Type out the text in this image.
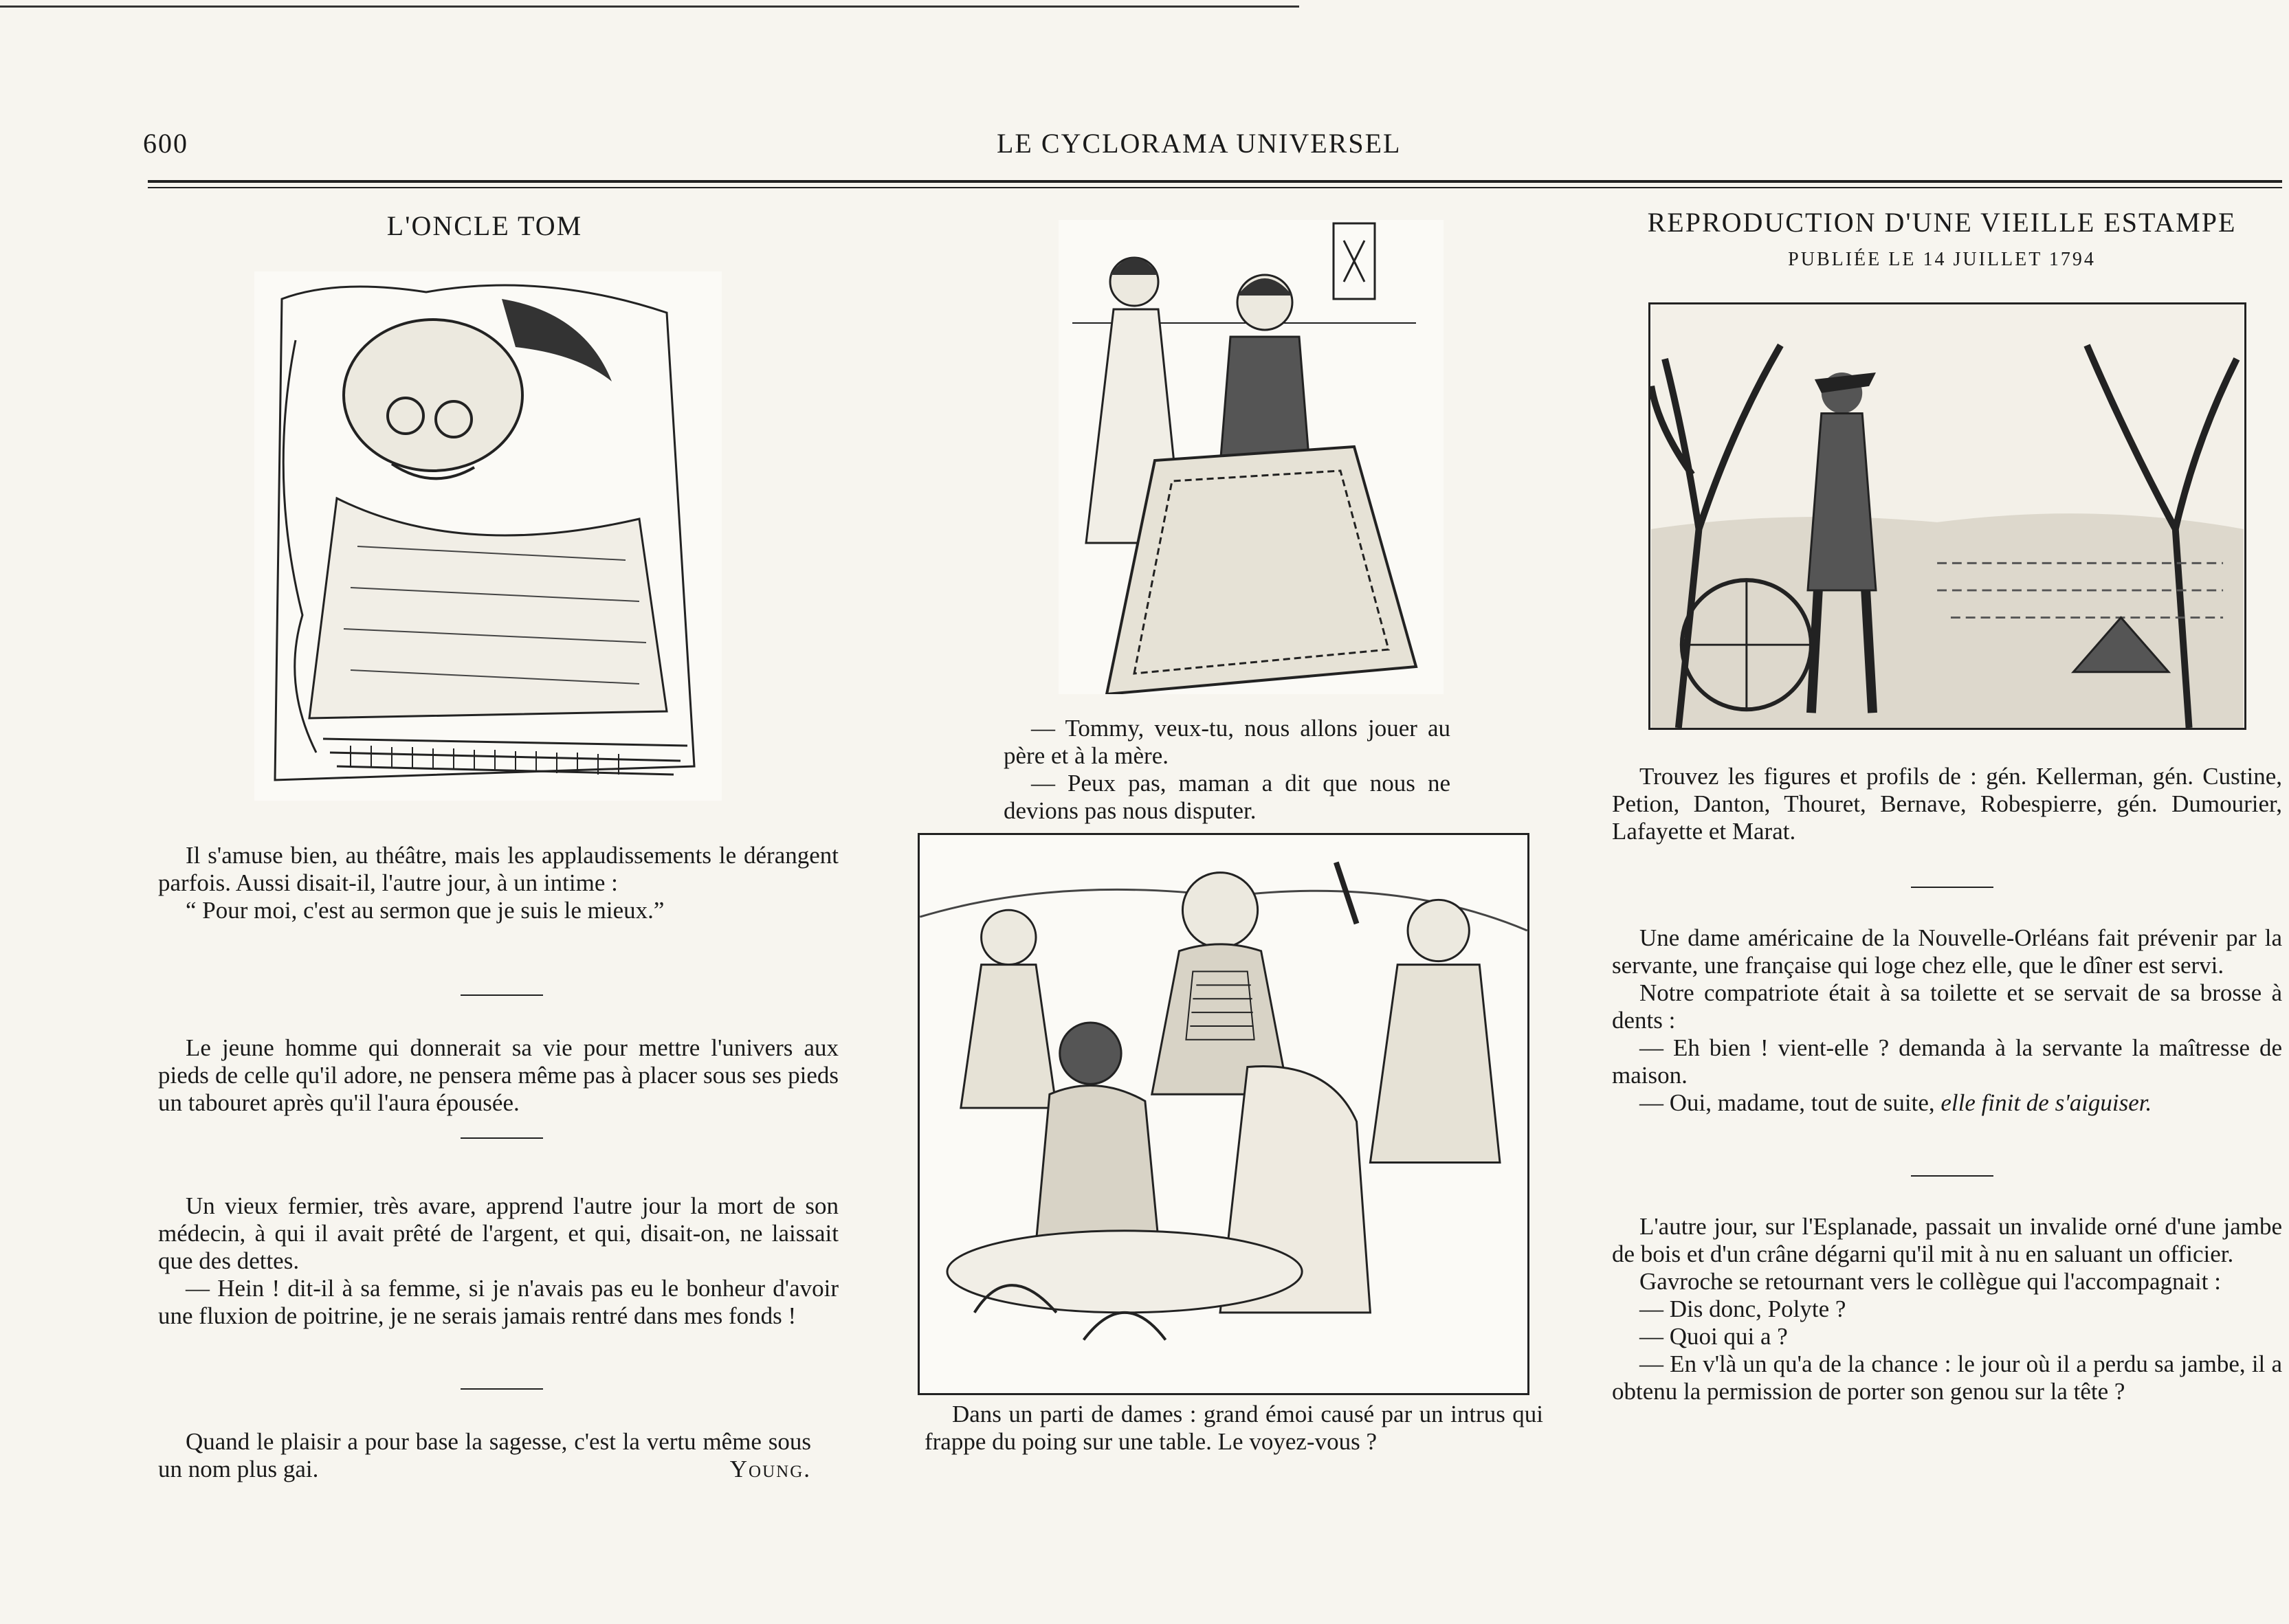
600	LE CYCLORAMA UNIVERSEL
L'ONCLE TOM

Il s'amuse bien, au théâtre, mais les applaudissements le dérangent parfois. Aussi disait-il, l'autre jour, à un intime :

“ Pour moi, c'est au sermon que je suis le mieux.”

Le jeune homme qui donnerait sa vie pour mettre l'univers aux pieds de celle qu'il adore, ne pensera même pas à placer sous ses pieds un tabouret après qu'il l'aura épousée.

Un vieux fermier, très avare, apprend l'autre jour la mort de son médecin, à qui il avait prêté de l'argent, et qui, disait-on, ne laissait que des dettes.

— Hein ! dit-il à sa femme, si je n'avais pas eu le bonheur d'avoir une fluxion de poitrine, je ne serais jamais rentré dans mes fonds !

Quand le plaisir a pour base la sagesse, c'est la vertu même sous un nom plus gai.	Young.

— Tommy, veux-tu, nous allons jouer au père et à la mère.

— Peux pas, maman a dit que nous ne devions pas nous disputer.

Dans un parti de dames : grand émoi causé par un intrus qui frappe du poing sur une table. Le voyez-vous ?

REPRODUCTION D'UNE VIEILLE ESTAMPE
PUBLIÉE LE 14 JUILLET 1794

Trouvez les figures et profils de : gén. Kellerman, gén. Custine, Petion, Danton, Thouret, Bernave, Robespierre, gén. Dumourier, Lafayette et Marat.

Une dame américaine de la Nouvelle-Orléans fait prévenir par la servante, une française qui loge chez elle, que le dîner est servi.

Notre compatriote était à sa toilette et se servait de sa brosse à dents :

— Eh bien ! vient-elle ? demanda à la servante la maîtresse de maison.

— Oui, madame, tout de suite, elle finit de s'aiguiser.

L'autre jour, sur l'Esplanade, passait un invalide orné d'une jambe de bois et d'un crâne dégarni qu'il mit à nu en saluant un officier.

Gavroche se retournant vers le collègue qui l'accompagnait :

— Dis donc, Polyte ?

— Quoi qui a ?

— En v'là un qu'a de la chance : le jour où il a perdu sa jambe, il a obtenu la permission de porter son genou sur la tête ?
